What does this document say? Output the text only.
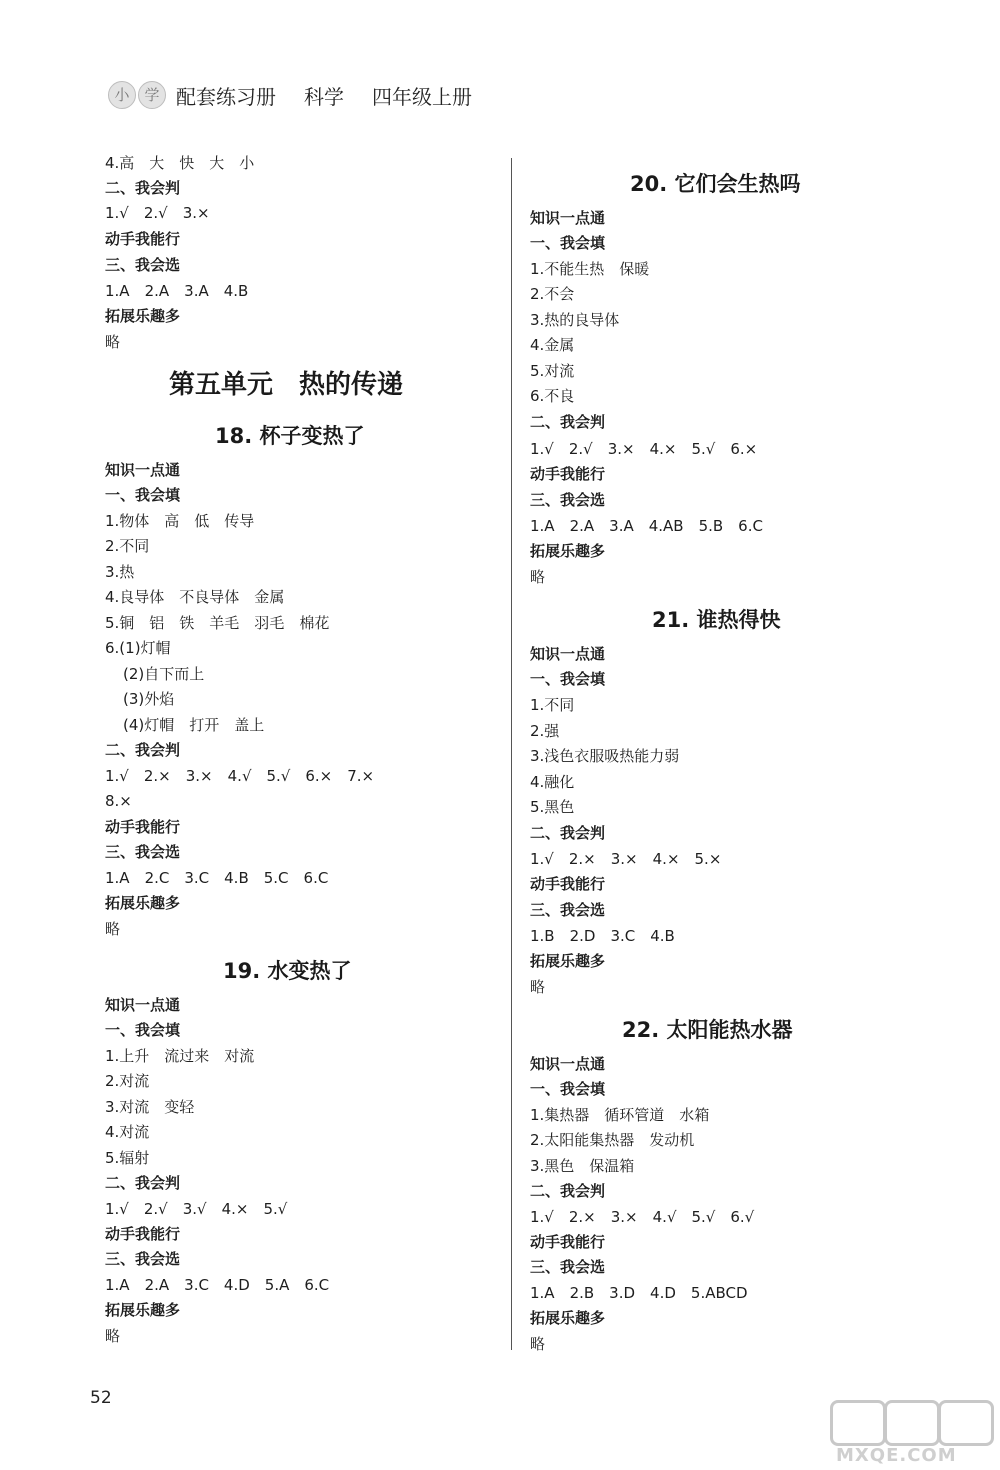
小 学 配套练习册 科学 四年级上册
4.高　大　快　大　小
二、我会判
1.√　2.√　3.×
动手我能行
三、我会选
1.A　2.A　3.A　4.B
拓展乐趣多
略
第五单元　热的传递
18. 杯子变热了
知识一点通
一、我会填
1.物体　高　低　传导
2.不同
3.热
4.良导体　不良导体　金属
5.铜　铝　铁　羊毛　羽毛　棉花
6.(1)灯帽
(2)自下而上
(3)外焰
(4)灯帽　打开　盖上
二、我会判
1.√　2.×　3.×　4.√　5.√　6.×　7.×
8.×
动手我能行
三、我会选
1.A　2.C　3.C　4.B　5.C　6.C
拓展乐趣多
略
19. 水变热了
知识一点通
一、我会填
1.上升　流过来　对流
2.对流
3.对流　变轻
4.对流
5.辐射
二、我会判
1.√　2.√　3.√　4.×　5.√
动手我能行
三、我会选
1.A　2.A　3.C　4.D　5.A　6.C
拓展乐趣多
略
20. 它们会生热吗
知识一点通
一、我会填
1.不能生热　保暖
2.不会
3.热的良导体
4.金属
5.对流
6.不良
二、我会判
1.√　2.√　3.×　4.×　5.√　6.×
动手我能行
三、我会选
1.A　2.A　3.A　4.AB　5.B　6.C
拓展乐趣多
略
21. 谁热得快
知识一点通
一、我会填
1.不同
2.强
3.浅色衣服吸热能力弱
4.融化
5.黑色
二、我会判
1.√　2.×　3.×　4.×　5.×
动手我能行
三、我会选
1.B　2.D　3.C　4.B
拓展乐趣多
略
22. 太阳能热水器
知识一点通
一、我会填
1.集热器　循环管道　水箱
2.太阳能集热器　发动机
3.黑色　保温箱
二、我会判
1.√　2.×　3.×　4.√　5.√　6.√
动手我能行
三、我会选
1.A　2.B　3.D　4.D　5.ABCD
拓展乐趣多
略
52
MXQE.COM
